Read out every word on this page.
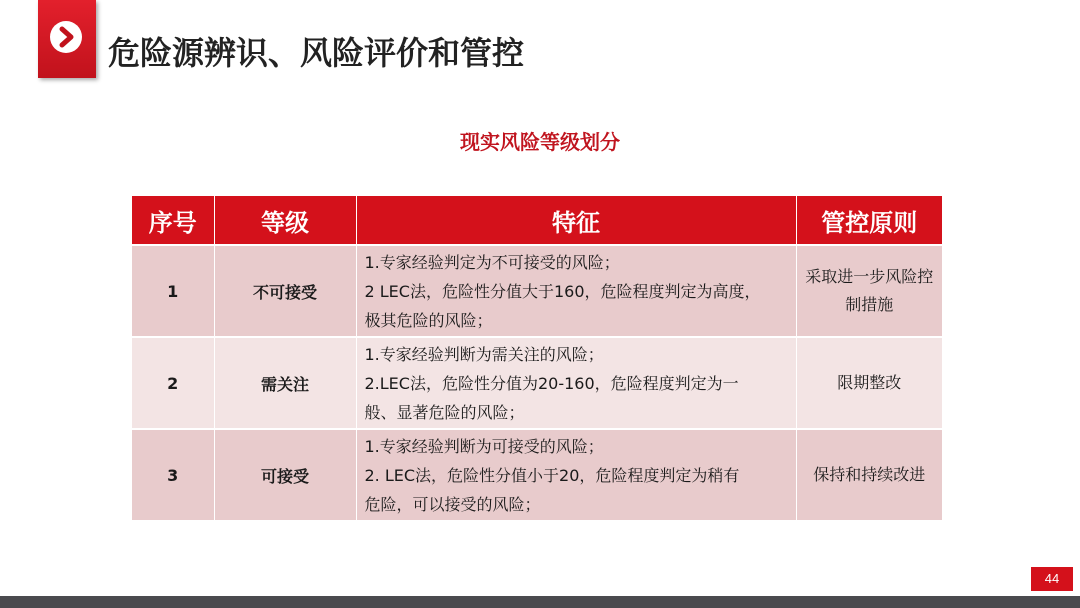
危险源辨识、风险评价和管控
现实风险等级划分
序号	等级	特征	管控原则
1	不可接受	1.专家经验判定为不可接受的风险；
2 LEC法，危险性分值大于160，危险程度判定为高度，
极其危险的风险；	采取进一步风险控制措施

2	需关注	1.专家经验判断为需关注的风险；
2.LEC法，危险性分值为20-160，危险程度判定为一
般、显著危险的风险；	限期整改

3	可接受	1.专家经验判断为可接受的风险；
2. LEC法，危险性分值小于20，危险程度判定为稍有
危险，可以接受的风险；	保持和持续改进
44
